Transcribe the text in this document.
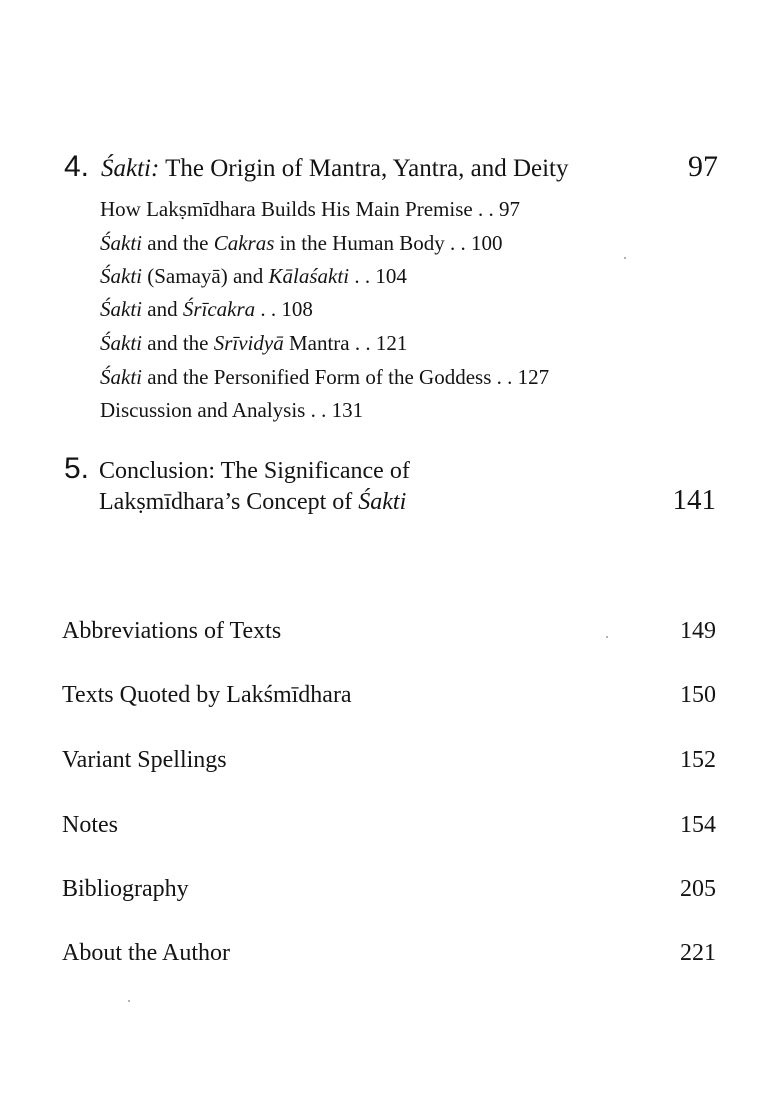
4. Śakti: The Origin of Mantra, Yantra, and Deity	97
How Lakṣmīdhara Builds His Main Premise . . 97
Śakti and the Cakras in the Human Body . . 100
Śakti (Samayā) and Kālaśakti . . 104
Śakti and Śrīcakra . . 108
Śakti and the Srīvidyā Mantra . . 121
Śakti and the Personified Form of the Goddess . . 127
Discussion and Analysis . . 131
5. Conclusion: The Significance of
Lakṣmīdhara’s Concept of Śakti	141
Abbreviations of Texts	149
Texts Quoted by Lakśmīdhara	150
Variant Spellings	152
Notes	154
Bibliography	205
About the Author	221
